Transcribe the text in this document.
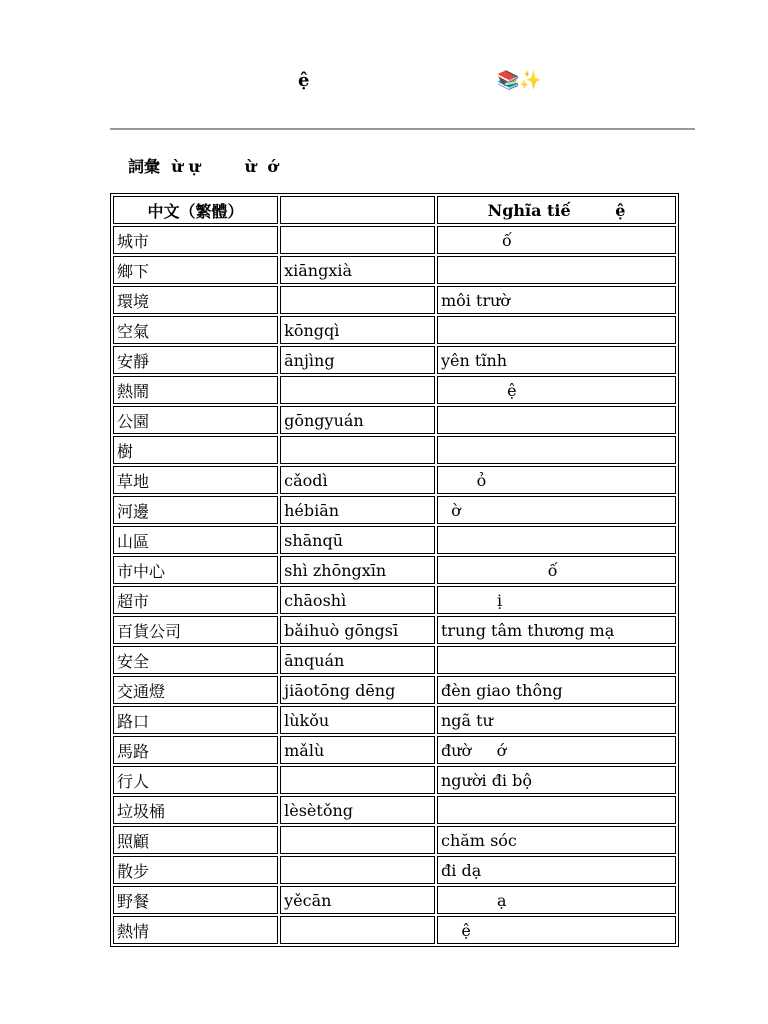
ệ	📚✨
詞彙  ừ ự        ừ  ớ
中文（繁體）		Nghĩa tiế        ệ
城市		ố
鄉下	xiāngxià	
環境		môi trườ
空氣	kōngqì	
安靜	ānjìng	yên tĩnh
熱鬧		ệ
公園	gōngyuán	
樹		
草地	cǎodì	ỏ
河邊	hébiān	ờ
山區	shānqū	
市中心	shì zhōngxīn	ố
超市	chāoshì	ị
百貨公司	bǎihuò gōngsī	trung tâm thương mạ
安全	ānquán	
交通燈	jiāotōng dēng	đèn giao thông
路口	lùkǒu	ngã tư
馬路	mǎlù	đườ     ớ
行人		người đi bộ
垃圾桶	lèsètǒng	
照顧		chăm sóc
散步		đi dạ
野餐	yěcān	ạ
熱情		ệ
